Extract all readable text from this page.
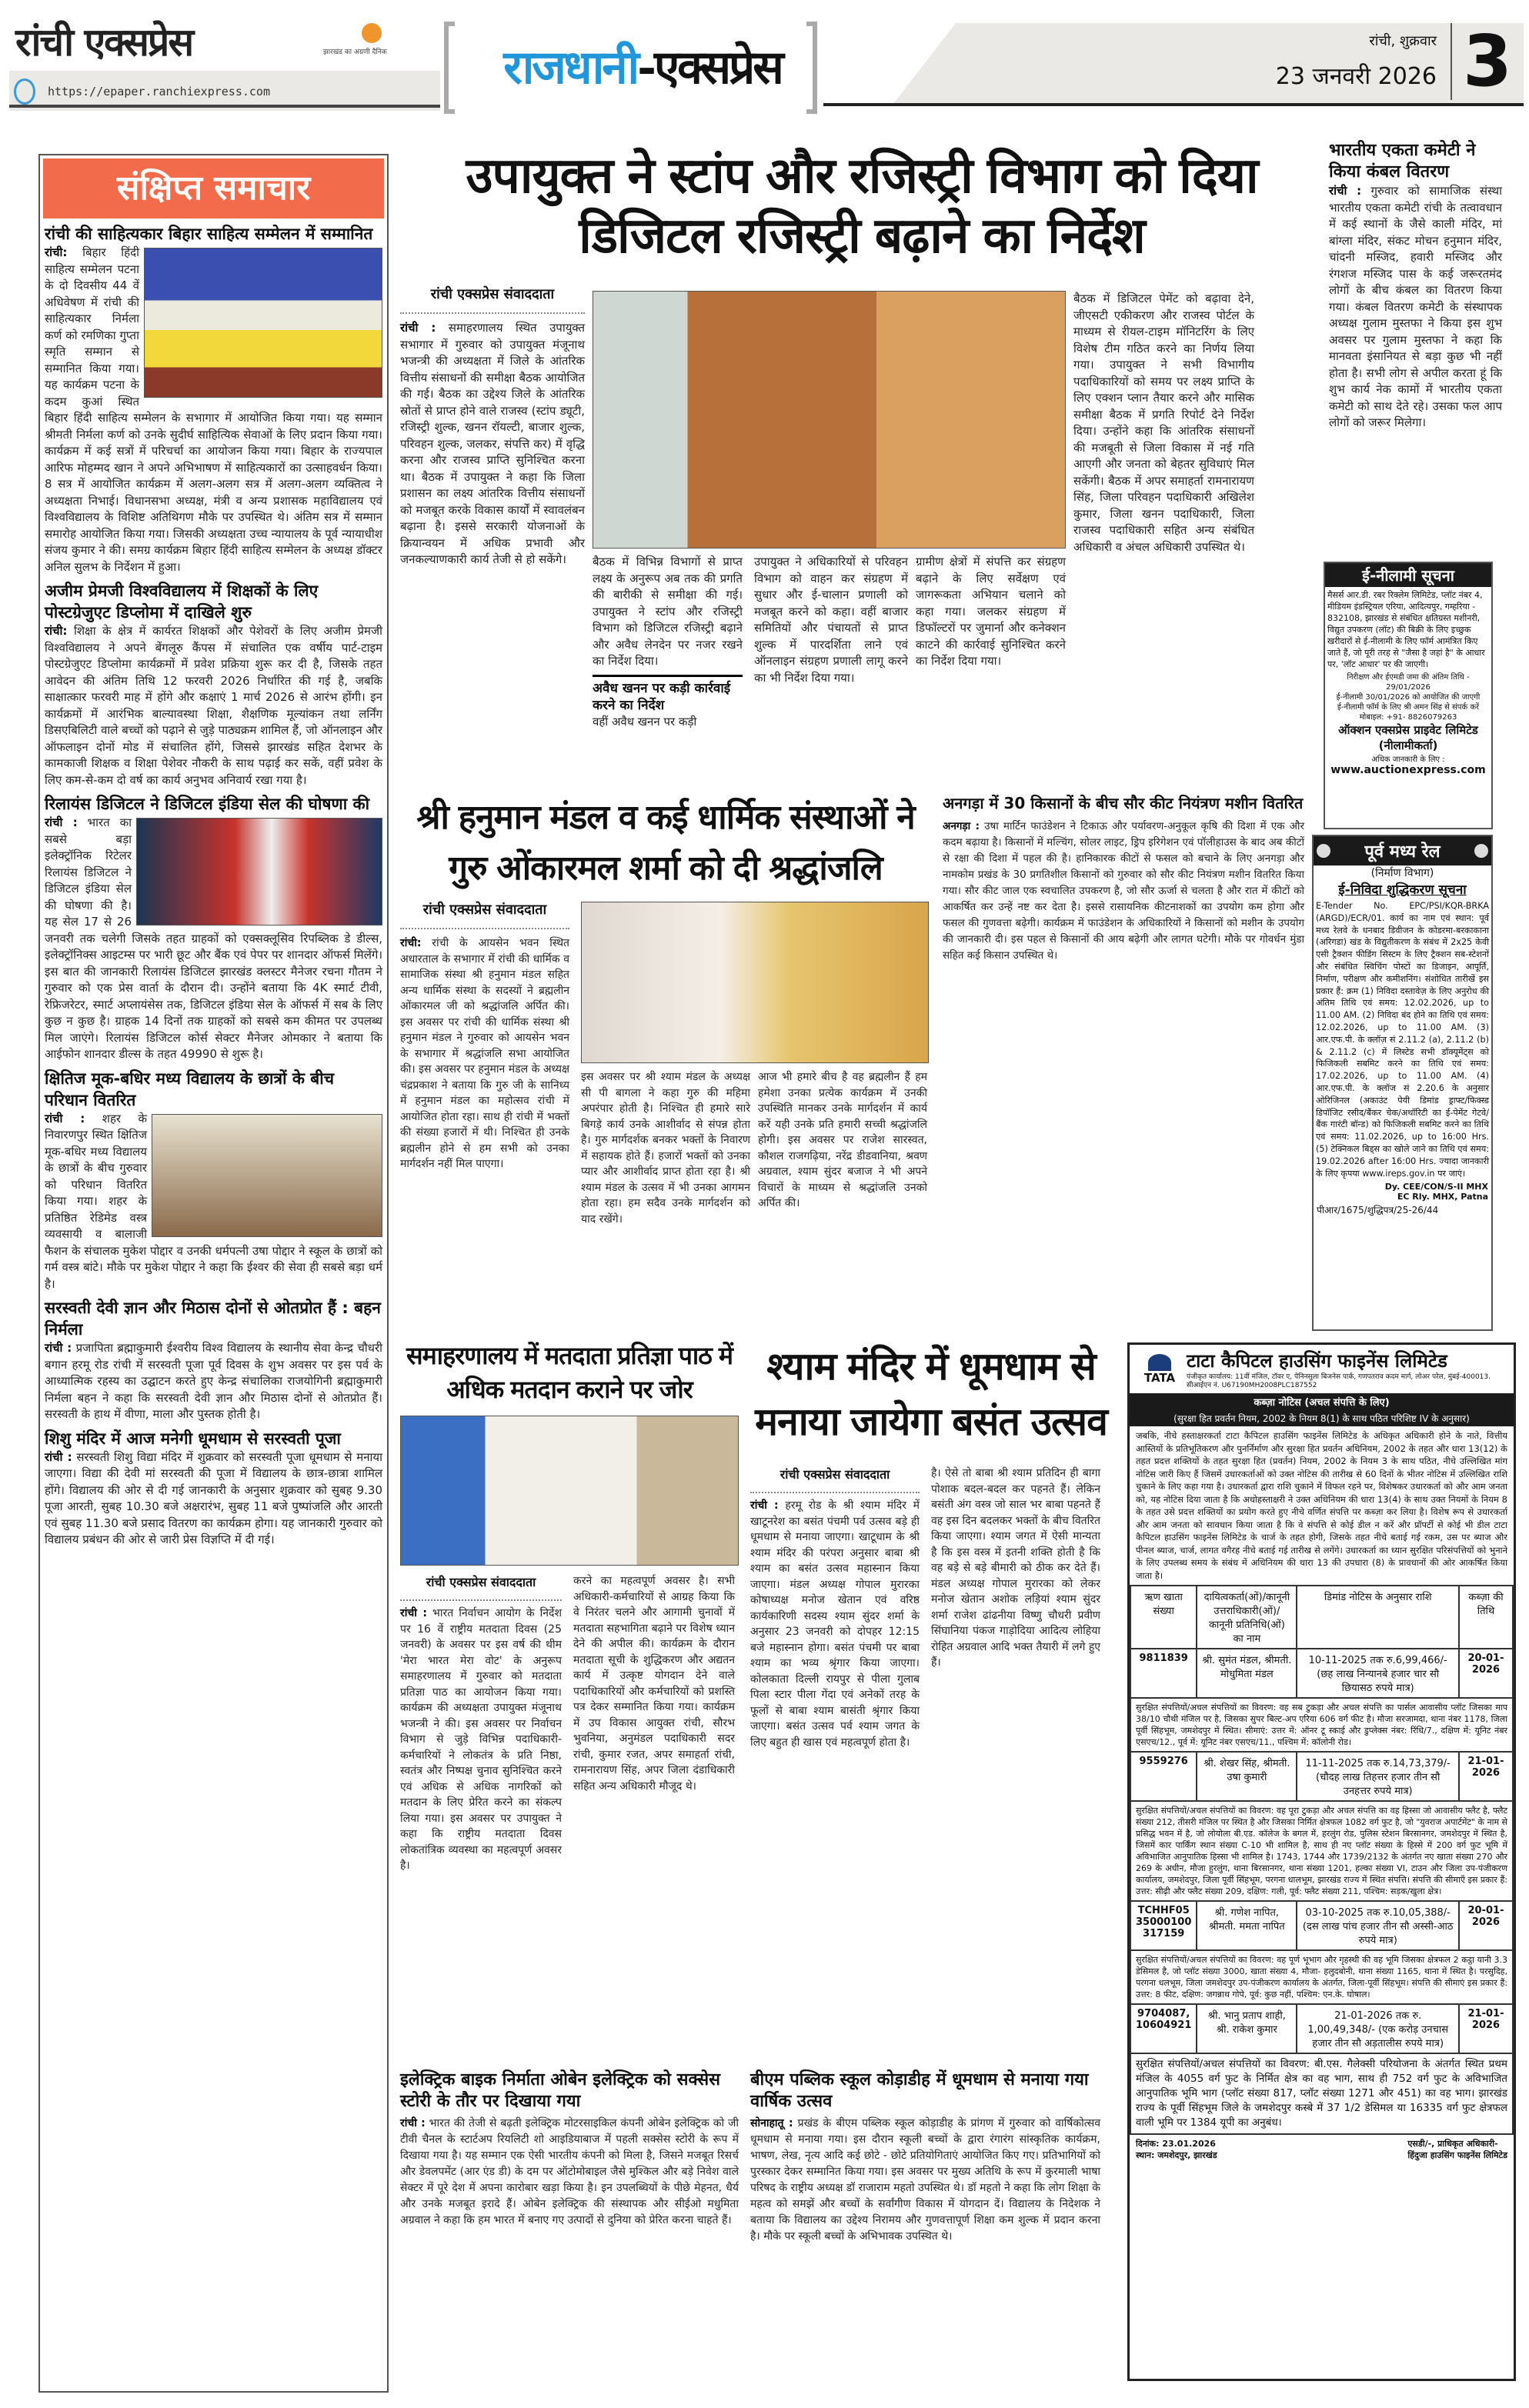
रांची एक्सप्रेस	झारखंड का अग्रणी दैनिक
https://epaper.ranchiexpress.com	राजधानी-एक्सप्रेस	रांची, शुक्रवार
23 जनवरी 2026 3
संक्षिप्त समाचार
रांची की साहित्यकार बिहार साहित्य सम्मेलन में सम्मानित

रांची: बिहार हिंदी साहित्य सम्मेलन पटना के दो दिवसीय 44 वें अधिवेषण में रांची की साहित्यकार निर्मला कर्ण को रमणिका गुप्ता स्मृति सम्मान से सम्मानित किया गया। यह कार्यक्रम पटना के कदम कुआं स्थित बिहार हिंदी साहित्य सम्मेलन के सभागार में आयोजित किया गया। यह सम्मान श्रीमती निर्मला कर्ण को उनके सुदीर्घ साहित्यिक सेवाओं के लिए प्रदान किया गया। कार्यक्रम में कई सत्रों में परिचर्चा का आयोजन किया गया। बिहार के राज्यपाल आरिफ मोहम्मद खान ने अपने अभिभाषण में साहित्यकारों का उत्साहवर्धन किया। 8 सत्र में आयोजित कार्यक्रम में अलग-अलग सत्र में अलग-अलग व्यक्तित्व ने अध्यक्षता निभाई। विधानसभा अध्यक्ष, मंत्री व अन्य प्रशासक महाविद्यालय एवं विश्वविद्यालय के विशिष्ट अतिथिगण मौके पर उपस्थित थे। अंतिम सत्र में सम्मान समारोह आयोजित किया गया। जिसकी अध्यक्षता उच्च न्यायालय के पूर्व न्यायाधीश संजय कुमार ने की। समग्र कार्यक्रम बिहार हिंदी साहित्य सम्मेलन के अध्यक्ष डॉक्टर अनिल सुलभ के निर्देशन में हुआ।

अजीम प्रेमजी विश्वविद्यालय में शिक्षकों के लिए पोस्टग्रेजुएट डिप्लोमा में दाखिले शुरु

रांची: शिक्षा के क्षेत्र में कार्यरत शिक्षकों और पेशेवरों के लिए अजीम प्रेमजी विश्वविद्यालय ने अपने बेंगलूरु कैंपस में संचालित एक वर्षीय पार्ट-टाइम पोस्टग्रेजुएट डिप्लोमा कार्यक्रमों में प्रवेश प्रक्रिया शुरू कर दी है, जिसके तहत आवेदन की अंतिम तिथि 12 फरवरी 2026 निर्धारित की गई है, जबकि साक्षात्कार फरवरी माह में होंगे और कक्षाएं 1 मार्च 2026 से आरंभ होंगी। इन कार्यक्रमों में आरंभिक बाल्यावस्था शिक्षा, शैक्षणिक मूल्यांकन तथा लर्निंग डिसएबिलिटी वाले बच्चों को पढ़ाने से जुड़े पाठ्यक्रम शामिल हैं, जो ऑनलाइन और ऑफलाइन दोनों मोड में संचालित होंगे, जिससे झारखंड सहित देशभर के कामकाजी शिक्षक व शिक्षा पेशेवर नौकरी के साथ पढ़ाई कर सकें, वहीं प्रवेश के लिए कम-से-कम दो वर्ष का कार्य अनुभव अनिवार्य रखा गया है।

रिलायंस डिजिटल ने डिजिटल इंडिया सेल की घोषणा की

रांची : भारत का सबसे बड़ा इलेक्ट्रॉनिक रिटेलर रिलायंस डिजिटल ने डिजिटल इंडिया सेल की घोषणा की है। यह सेल 17 से 26 जनवरी तक चलेगी जिसके तहत ग्राहकों को एक्सक्लूसिव रिपब्लिक डे डील्स, इलेक्ट्रॉनिक्स आइटम्स पर भारी छूट और बैंक एवं पेपर पर शानदार ऑफर्स मिलेंगे। इस बात की जानकारी रिलायंस डिजिटल झारखंड क्लस्टर मैनेजर रचना गौतम ने गुरुवार को एक प्रेस वार्ता के दौरान दी। उन्होंने बताया कि 4K स्मार्ट टीवी, रेफ्रिजरेटर, स्मार्ट अप्लायंसेस तक, डिजिटल इंडिया सेल के ऑफर्स में सब के लिए कुछ न कुछ है। ग्राहक 14 दिनों तक ग्राहकों को सबसे कम कीमत पर उपलब्ध मिल जाएंगे। रिलायंस डिजिटल कोर्स सेक्टर मैनेजर ओमकार ने बताया कि आईफोन शानदार डील्स के तहत 49990 से शुरू है।

क्षितिज मूक-बधिर मध्य विद्यालय के छात्रों के बीच परिधान वितरित

रांची : शहर के निवारणपुर स्थित क्षितिज मूक-बधिर मध्य विद्यालय के छात्रों के बीच गुरुवार को परिधान वितरित किया गया। शहर के प्रतिष्ठित रेडिमेड वस्त्र व्यवसायी व बालाजी फैशन के संचालक मुकेश पोद्दार व उनकी धर्मपत्नी उषा पोद्दार ने स्कूल के छात्रों को गर्म वस्त्र बांटे। मौके पर मुकेश पोद्दार ने कहा कि ईश्वर की सेवा ही सबसे बड़ा धर्म है।

सरस्वती देवी ज्ञान और मिठास दोनों से ओतप्रोत हैं : बहन निर्मला

रांची : प्रजापिता ब्रह्माकुमारी ईश्वरीय विश्व विद्यालय के स्थानीय सेवा केन्द्र चौधरी बगान हरमू रोड रांची में सरस्वती पूजा पूर्व दिवस के शुभ अवसर पर इस पर्व के आध्यात्मिक रहस्य का उद्घाटन करते हुए केन्द्र संचालिका राजयोगिनी ब्रह्माकुमारी निर्मला बहन ने कहा कि सरस्वती देवी ज्ञान और मिठास दोनों से ओतप्रोत हैं। सरस्वती के हाथ में वीणा, माला और पुस्तक होती है।

शिशु मंदिर में आज मनेगी धूमधाम से सरस्वती पूजा

रांची : सरस्वती शिशु विद्या मंदिर में शुक्रवार को सरस्वती पूजा धूमधाम से मनाया जाएगा। विद्या की देवी मां सरस्वती की पूजा में विद्यालय के छात्र-छात्रा शामिल होंगे। विद्यालय की ओर से दी गई जानकारी के अनुसार शुक्रवार को सुबह 9.30 पूजा आरती, सुबह 10.30 बजे अक्षरारंभ, सुबह 11 बजे पुष्पांजलि और आरती एवं सुबह 11.30 बजे प्रसाद वितरण का कार्यक्रम होगा। यह जानकारी गुरुवार को विद्यालय प्रबंधन की ओर से जारी प्रेस विज्ञप्ति में दी गई।

उपायुक्त ने स्टांप और रजिस्ट्री विभाग को दिया डिजिटल रजिस्ट्री बढ़ाने का निर्देश
रांची एक्सप्रेस संवाददाता

रांची : समाहरणालय स्थित उपायुक्त सभागार में गुरुवार को उपायुक्त मंजूनाथ भजन्त्री की अध्यक्षता में जिले के आंतरिक वित्तीय संसाधनों की समीक्षा बैठक आयोजित की गई। बैठक का उद्देश्य जिले के आंतरिक स्रोतों से प्राप्त होने वाले राजस्व (स्टांप ड्यूटी, रजिस्ट्री शुल्क, खनन रॉयल्टी, बाजार शुल्क, परिवहन शुल्क, जलकर, संपत्ति कर) में वृद्धि करना और राजस्व प्राप्ति सुनिश्चित करना था। बैठक में उपायुक्त ने कहा कि जिला प्रशासन का लक्ष्य आंतरिक वित्तीय संसाधनों को मजबूत करके विकास कार्यों में स्वावलंबन बढ़ाना है। इससे सरकारी योजनाओं के क्रियान्वयन में अधिक प्रभावी और जनकल्याणकारी कार्य तेजी से हो सकेंगे।

बैठक में डिजिटल पेमेंट को बढ़ावा देने, जीएसटी एकीकरण और राजस्व पोर्टल के माध्यम से रीयल-टाइम मॉनिटरिंग के लिए विशेष टीम गठित करने का निर्णय लिया गया। उपायुक्त ने सभी विभागीय पदाधिकारियों को समय पर लक्ष्य प्राप्ति के लिए एक्शन प्लान तैयार करने और मासिक समीक्षा बैठक में प्रगति रिपोर्ट देने निर्देश दिया। उन्होंने कहा कि आंतरिक संसाधनों की मजबूती से जिला विकास में नई गति आएगी और जनता को बेहतर सुविधाएं मिल सकेंगी। बैठक में अपर समाहर्ता रामनारायण सिंह, जिला परिवहन पदाधिकारी अखिलेश कुमार, जिला खनन पदाधिकारी, जिला राजस्व पदाधिकारी सहित अन्य संबंधित अधिकारी व अंचल अधिकारी उपस्थित थे।

बैठक में विभिन्न विभागों से प्राप्त लक्ष्य के अनुरूप अब तक की प्रगति की बारीकी से समीक्षा की गई। उपायुक्त ने स्टांप और रजिस्ट्री विभाग को डिजिटल रजिस्ट्री बढ़ाने और अवैध लेनदेन पर नजर रखने का निर्देश दिया।

अवैध खनन पर कड़ी कार्रवाई करने का निर्देश

वहीं अवैध खनन पर कड़ी

उपायुक्त ने अधिकारियों से परिवहन विभाग को वाहन कर संग्रहण में सुधार और ई-चालान प्रणाली को मजबूत करने को कहा। वहीं बाजार समितियों और पंचायतों से प्राप्त शुल्क में पारदर्शिता लाने एवं ऑनलाइन संग्रहण प्रणाली लागू करने का भी निर्देश दिया गया।

ग्रामीण क्षेत्रों में संपत्ति कर संग्रहण बढ़ाने के लिए सर्वेक्षण एवं जागरूकता अभियान चलाने को कहा गया। जलकर संग्रहण में डिफॉल्टरों पर जुमार्ना और कनेक्शन काटने की कार्रवाई सुनिश्चित करने का निर्देश दिया गया।

भारतीय एकता कमेटी ने किया कंबल वितरण

रांची : गुरुवार को सामाजिक संस्था भारतीय एकता कमेटी रांची के तत्वावधान में कई स्थानों के जैसे काली मंदिर, मां बांग्ला मंदिर, संकट मोचन हनुमान मंदिर, चांदनी मस्जिद, हवारी मस्जिद और रंगशज मस्जिद पास के कई जरूरतमंद लोगों के बीच कंबल का वितरण किया गया। कंबल वितरण कमेटी के संस्थापक अध्यक्ष गुलाम मुस्तफा ने किया इस शुभ अवसर पर गुलाम मुस्तफा ने कहा कि मानवता इंसानियत से बड़ा कुछ भी नहीं होता है। सभी लोग से अपील करता हूं कि शुभ कार्य नेक कामों में भारतीय एकता कमेटी को साथ देते रहे। उसका फल आप लोगों को जरूर मिलेगा।

ई-नीलामी सूचना

मैसर्स आर.डी. रबर रिक्लेम लिमिटेड, प्लॉट नंबर 4, मीडियम इंडस्ट्रियल एरिया, आदित्यपुर, गम्हरिया - 832108, झारखंड से संबंधित क्षतिग्रस्त मशीनरी, विद्युत उपकरण (लॉट) की बिक्री के लिए इच्छुक खरीदारों से ई-नीलामी के लिए फॉर्म आमंत्रित किए जाते हैं, जो पूरी तरह से "जैसा है जहां है" के आधार पर, 'लॉट आधार' पर की जाएगी।

निरीक्षण और ईएमडी जमा की अंतिम तिथि - 29/01/2026
ई-नीलामी 30/01/2026 को आयोजित की जाएगी
ई-नीलामी फॉर्म के लिए श्री अमन सिंह से संपर्क करें
मोबाइल: +91- 8826079263
ऑक्शन एक्सप्रेस प्राइवेट लिमिटेड
(नीलामीकर्ता)
अधिक जानकारी के लिए :
www.auctionexpress.com
पूर्व मध्य रेल
(निर्माण विभाग)
ई-निविदा शुद्धिकरण सूचना

E-Tender No. EPC/PSI/KQR-BRKA (ARGD)/ECR/01. कार्य का नाम एवं स्थान: पूर्व मध्य रेलवे के धनबाद डिवीजन के कोडरमा-बरकाकाना (अरिगडा) खंड के विद्युतीकरण के संबंध में 2x25 केवी एसी ट्रैक्शन फीडिंग सिस्टम के लिए ट्रैक्शन सब-स्टेशनों और संबंधित स्विचिंग पोस्टों का डिजाइन, आपूर्ति, निर्माण, परीक्षण और कमीशनिंग। संशोधित तारीखें इस प्रकार हैं: क्रम (1) निविदा दस्तावेज़ के लिए अनुरोध की अंतिम तिथि एवं समय: 12.02.2026, up to 11.00 AM. (2) निविदा बंद होने का तिथि एवं समय: 12.02.2026, up to 11.00 AM. (3) आर.एफ.पी. के क्लॉज़ सं 2.11.2 (a), 2.11.2 (b) & 2.11.2 (c) में लिस्टेड सभी डॉक्यूमेंट्स को फिजिकली सबमिट करने का तिथि एवं समय: 17.02.2026, up to 11.00 AM. (4) आर.एफ.पी. के क्लॉज सं 2.20.6 के अनुसार ओरिजिनल (अकाउंट पेयी डिमांड ड्राफ्ट/फिक्स्ड डिपॉजिट रसीद/बैंकर चेक/अथॉरिटी का ई-पेमेंट गेटवे/बैंक गारंटी बॉन्ड) को फिजिकली सबमिट करने का तिथि एवं समय: 11.02.2026, up to 16:00 Hrs. (5) टेक्निकल बिड्स का खोले जाने का तिथि एवं समय: 19.02.2026 after 16:00 Hrs. ज्यादा जानकारी के लिए कृपया www.ireps.gov.in पर जाएं।

Dy. CEE/CON/S-II MHX
EC Rly. MHX, Patna
पीआर/1675/शुद्धिपत्र/25-26/44
श्री हनुमान मंडल व कई धार्मिक संस्थाओं ने गुरु ओंकारमल शर्मा को दी श्रद्धांजलि
रांची एक्सप्रेस संवाददाता

रांची: रांची के आयसेन भवन स्थित अधारताल के सभागार में रांची की धार्मिक व सामाजिक संस्था श्री हनुमान मंडल सहित अन्य धार्मिक संस्था के सदस्यों ने ब्रह्मलीन ओंकारमल जी को श्रद्धांजलि अर्पित की। इस अवसर पर रांची की धार्मिक संस्था श्री हनुमान मंडल ने गुरुवार को आयसेन भवन के सभागार में श्रद्धांजलि सभा आयोजित की। इस अवसर पर हनुमान मंडल के अध्यक्ष चंद्रप्रकाश ने बताया कि गुरु जी के सानिध्य में हनुमान मंडल का महोत्सव रांची में आयोजित होता रहा। साथ ही रांची में भक्तों की संख्या हजारों में थी। निश्चित ही उनके ब्रह्मलीन होने से हम सभी को उनका मार्गदर्शन नहीं मिल पाएगा।

इस अवसर पर श्री श्याम मंडल के अध्यक्ष सी पी बागला ने कहा गुरु की महिमा अपरंपार होती है। निश्चित ही हमारे सारे बिगड़े कार्य उनके आशीर्वाद से संपन्न होता है। गुरु मार्गदर्शक बनकर भक्तों के निवारण में सहायक होते हैं। हजारों भक्तों को उनका प्यार और आशीर्वाद प्राप्त होता रहा है। श्री श्याम मंडल के उत्सव में भी उनका आगमन होता रहा। हम सदैव उनके मार्गदर्शन को याद रखेंगे।

आज भी हमारे बीच है वह ब्रह्मलीन हैं हम हमेशा उनका प्रत्येक कार्यक्रम में उनकी उपस्थिति मानकर उनके मार्गदर्शन में कार्य करें यही उनके प्रति हमारी सच्ची श्रद्धांजलि होगी। इस अवसर पर राजेश सारस्वत, कौशल राजगढ़िया, नरेंद्र डीडवानिया, श्रवण अग्रवाल, श्याम सुंदर बजाज ने भी अपने विचारों के माध्यम से श्रद्धांजलि उनको अर्पित की।

अनगड़ा में 30 किसानों के बीच सौर कीट नियंत्रण मशीन वितरित

अनगड़ा : उषा मार्टिन फाउंडेशन ने टिकाऊ और पर्यावरण-अनुकूल कृषि की दिशा में एक और कदम बढ़ाया है। किसानों में मल्चिंग, सोलर लाइट, ड्रिप इरिगेशन एवं पॉलीहाउस के बाद अब कीटों से रक्षा की दिशा में पहल की है। हानिकारक कीटों से फसल को बचाने के लिए अनगड़ा और नामकोम प्रखंड के 30 प्रगतिशील किसानों को गुरुवार को सौर कीट नियंत्रण मशीन वितरित किया गया। सौर कीट जाल एक स्वचालित उपकरण है, जो सौर ऊर्जा से चलता है और रात में कीटों को आकर्षित कर उन्हें नष्ट कर देता है। इससे रासायनिक कीटनाशकों का उपयोग कम होगा और फसल की गुणवत्ता बढ़ेगी। कार्यक्रम में फाउंडेशन के अधिकारियों ने किसानों को मशीन के उपयोग की जानकारी दी। इस पहल से किसानों की आय बढ़ेगी और लागत घटेगी। मौके पर गोवर्धन मुंडा सहित कई किसान उपस्थित थे।

समाहरणालय में मतदाता प्रतिज्ञा पाठ में अधिक मतदान कराने पर जोर
रांची एक्सप्रेस संवाददाता

रांची : भारत निर्वाचन आयोग के निर्देश पर 16 वें राष्ट्रीय मतदाता दिवस (25 जनवरी) के अवसर पर इस वर्ष की थीम 'मेरा भारत मेरा वोट' के अनुरूप समाहरणालय में गुरुवार को मतदाता प्रतिज्ञा पाठ का आयोजन किया गया। कार्यक्रम की अध्यक्षता उपायुक्त मंजूनाथ भजन्त्री ने की। इस अवसर पर निर्वाचन विभाग से जुड़े विभिन्न पदाधिकारी-कर्मचारियों ने लोकतंत्र के प्रति निष्ठा, स्वतंत्र और निष्पक्ष चुनाव सुनिश्चित करने एवं अधिक से अधिक नागरिकों को मतदान के लिए प्रेरित करने का संकल्प लिया गया। इस अवसर पर उपायुक्त ने कहा कि राष्ट्रीय मतदाता दिवस लोकतांत्रिक व्यवस्था का महत्वपूर्ण अवसर है।

करने का महत्वपूर्ण अवसर है। सभी अधिकारी-कर्मचारियों से आग्रह किया कि वे निरंतर चलने और आगामी चुनावों में मतदाता सहभागिता बढ़ाने पर विशेष ध्यान देने की अपील की। कार्यक्रम के दौरान मतदाता सूची के शुद्धिकरण और अद्यतन कार्य में उत्कृष्ट योगदान देने वाले पदाधिकारियों और कर्मचारियों को प्रशस्ति पत्र देकर सम्मानित किया गया। कार्यक्रम में उप विकास आयुक्त रांची, सौरभ भुवनिया, अनुमंडल पदाधिकारी सदर रांची, कुमार रजत, अपर समाहर्ता रांची, रामनारायण सिंह, अपर जिला दंडाधिकारी सहित अन्य अधिकारी मौजूद थे।

श्याम मंदिर में धूमधाम से मनाया जायेगा बसंत उत्सव
रांची एक्सप्रेस संवाददाता

रांची : हरमू रोड के श्री श्याम मंदिर में खाटूनरेश का बसंत पंचमी पर्व उत्सव बड़े ही धूमधाम से मनाया जाएगा। खाटूधाम के श्री श्याम मंदिर की परंपरा अनुसार बाबा श्री श्याम का बसंत उत्सव महास्नान किया जाएगा। मंडल अध्यक्ष गोपाल मुरारका कोषाध्यक्ष मनोज खेतान एवं वरिष्ठ कार्यकारिणी सदस्य श्याम सुंदर शर्मा के अनुसार 23 जनवरी को दोपहर 12:15 बजे महास्नान होगा। बसंत पंचमी पर बाबा श्याम का भव्य श्रृंगार किया जाएगा। कोलकाता दिल्ली रायपुर से पीला गुलाब पिला स्टार पीला गेंदा एवं अनेकों तरह के फूलों से बाबा श्याम बासंती श्रृंगार किया जाएगा। बसंत उत्सव पर्व श्याम जगत के लिए बहुत ही खास एवं महत्वपूर्ण होता है।

है। ऐसे तो बाबा श्री श्याम प्रतिदिन ही बागा पोशाक बदल-बदल कर पहनते हैं। लेकिन बसंती अंग वस्त्र जो साल भर बाबा पहनते हैं वह इस दिन बदलकर भक्तों के बीच वितरित किया जाएगा। श्याम जगत में ऐसी मान्यता है कि इस वस्त्र में इतनी शक्ति होती है कि वह बड़े से बड़े बीमारी को ठीक कर देते हैं। मंडल अध्यक्ष गोपाल मुरारका को लेकर मनोज खेतान अशोक लड़ियां श्याम सुंदर शर्मा राजेश ढांढनीया विष्णु चौधरी प्रवीण सिंघानिया पंकज गाड़ोदिया आदित्य लोहिया रोहित अग्रवाल आदि भक्त तैयारी में लगे हुए हैं।

इलेक्ट्रिक बाइक निर्माता ओबेन इलेक्ट्रिक को सक्सेस स्टोरी के तौर पर दिखाया गया

रांची : भारत की तेजी से बढ़ती इलेक्ट्रिक मोटरसाइकिल कंपनी ओबेन इलेक्ट्रिक को जी टीवी चैनल के स्टार्टअप रियलिटी शो आइडियाबाज में पहली सक्सेस स्टोरी के रूप में दिखाया गया है। यह सम्मान एक ऐसी भारतीय कंपनी को मिला है, जिसने मजबूत रिसर्च और डेवलपमेंट (आर एंड डी) के दम पर ऑटोमोबाइल जैसे मुश्किल और बड़े निवेश वाले सेक्टर में पूरे देश में अपना कारोबार खड़ा किया है। इन उपलब्धियों के पीछे मेहनत, धैर्य और उनके मजबूत इरादे हैं। ओबेन इलेक्ट्रिक की संस्थापक और सीईओ मधुमिता अग्रवाल ने कहा कि हम भारत में बनाए गए उत्पादों से दुनिया को प्रेरित करना चाहते हैं।

बीएम पब्लिक स्कूल कोड़ाडीह में धूमधाम से मनाया गया वार्षिक उत्सव

सोनाहातू : प्रखंड के बीएम पब्लिक स्कूल कोड़ाडीह के प्रांगण में गुरुवार को वार्षिकोत्सव धूमधाम से मनाया गया। इस दौरान स्कूली बच्चों के द्वारा रंगारंग सांस्कृतिक कार्यक्रम, भाषण, लेख, नृत्य आदि कई छोटे - छोटे प्रतियोगिताएं आयोजित किए गए। प्रतिभागियों को पुरस्कार देकर सम्मानित किया गया। इस अवसर पर मुख्य अतिथि के रूप में कुरमाली भाषा परिषद के राष्ट्रीय अध्यक्ष डॉ राजाराम महतो उपस्थित थे। डॉ महतो ने कहा कि लोग शिक्षा के महत्व को समझें और बच्चों के सर्वांगीण विकास में योगदान दें। विद्यालय के निदेशक ने बताया कि विद्यालय का उद्देश्य निरामय और गुणवत्तापूर्ण शिक्षा कम शुल्क में प्रदान करना है। मौके पर स्कूली बच्चों के अभिभावक उपस्थित थे।

TATA
टाटा कैपिटल हाउसिंग फाइनेंस लिमिटेड
पंजीकृत कार्यालय: 11वीं मंजिल, टॉवर ए, पेनिनसुला बिजनेस पार्क, गणपतराव कदम मार्ग, लोअर परेल, मुंबई-400013. सीआईएन नं. U67190MH2008PLC187552
कब्ज़ा नोटिस (अचल संपत्ति के लिए)
(सुरक्षा हित प्रवर्तन नियम, 2002 के नियम 8(1) के साथ पठित परिशिष्ट IV के अनुसार)

जबकि, नीचे हस्ताक्षरकर्ता टाटा कैपिटल हाउसिंग फाइनेंस लिमिटेड के अधिकृत अधिकारी होने के नाते, वित्तीय आस्तियों के प्रतिभूतिकरण और पुनर्निर्माण और सुरक्षा हित प्रवर्तन अधिनियम, 2002 के तहत और धारा 13(12) के तहत प्रदत्त शक्तियों के तहत सुरक्षा हित (प्रवर्तन) नियम, 2002 के नियम 3 के साथ पठित, नीचे उल्लिखित मांग नोटिस जारी किए हैं जिसमें उधारकर्ताओं को उक्त नोटिस की तारीख से 60 दिनों के भीतर नोटिस में उल्लिखित राशि चुकाने के लिए कहा गया है। उधारकर्ता द्वारा राशि चुकाने में विफल रहने पर, विशेषकर उधारकर्ता को और आम जनता को, यह नोटिस दिया जाता है कि अधोहस्ताक्षरी ने उक्त अधिनियम की धारा 13(4) के साथ उक्त नियमों के नियम 8 के तहत उसे प्रदत्त शक्तियों का प्रयोग करते हुए नीचे वर्णित संपत्ति पर कब्ज़ा कर लिया है। विशेष रूप से उधारकर्ता और आम जनता को सावधान किया जाता है कि वे संपत्ति से कोई डील न करें और प्रॉपर्टी से कोई भी डील टाटा कैपिटल हाउसिंग फाइनेंस लिमिटेड के चार्ज के तहत होगी, जिसके तहत नीचे बताई गई रकम, उस पर ब्याज और पीनल ब्याज, चार्ज, लागत वगैरह नीचे बताई गई तारीख से लगेंगे। उधारकर्ता का ध्यान सुरक्षित परिसंपत्तियों को भुनाने के लिए उपलब्ध समय के संबंध में अधिनियम की धारा 13 की उपधारा (8) के प्रावधानों की ओर आकर्षित किया जाता है।

ऋण खाता संख्या	दायित्वकर्ता(ओं)/कानूनी उत्तराधिकारी(ओं)/कानूनी प्रतिनिधि(ओं) का नाम	डिमांड नोटिस के अनुसार राशि	कब्ज़ा की तिथि
9811839	श्री. सुमंत मंडल, श्रीमती. मोधुमिता मंडल	10-11-2025 तक रु.6,99,466/- (छह लाख निन्यानबे हजार चार सौ छियासठ रुपये मात्र)	20-01-2026
सुरक्षित संपत्तियों/अचल संपत्तियों का विवरण: वह सब टुकड़ा और अचल संपत्ति का पार्सल आवासीय प्लॉट जिसका माप 38/10 चौथी मंजिल पर है, जिसका सुपर बिल्ट-अप एरिया 606 वर्ग फीट है। मौजा सरजामदा, थाना नंबर 1178, जिला पूर्वी सिंहभूम, जमशेदपुर में स्थित। सीमाएं: उत्तर में: ऑनर टू स्काई और डुप्लेक्स नंबर: रिंधि/7., दक्षिण में: यूनिट नंबर एसएच/12., पूर्व में: यूनिट नंबर एसएच/11., पश्चिम में: कॉलोनी रोड।			
9559276	श्री. शेखर सिंह, श्रीमती. उषा कुमारी	11-11-2025 तक रु.14,73,379/-(चौदह लाख तिहत्तर हजार तीन सौ उनहत्तर रुपये मात्र)	21-01-2026
सुरक्षित संपत्तियों/अचल संपत्तियों का विवरण: वह पूरा टुकड़ा और अचल संपत्ति का वह हिस्सा जो आवासीय फ्लैट है, फ्लैट संख्या 212, तीसरी मंजिल पर स्थित है और जिसका निर्मित क्षेत्रफल 1082 वर्ग फुट है, जो "युवराज अपार्टमेंट" के नाम से प्रसिद्ध भवन में है, जो लोयोला बी.एड. कॉलेज के बगल में, हरलुंग रोड, पुलिस स्टेशन बिरसानगर, जमशेदपुर में स्थित है, जिसमें कार पार्किंग स्थान संख्या C-10 भी शामिल है, साथ ही नए प्लॉट संख्या के हिस्से में 200 वर्ग फुट भूमि में अविभाजित आनुपातिक हिस्सा भी शामिल है। 1743, 1744 और 1739/2132 के अंतर्गत नए खाता संख्या 270 और 269 के अधीन, मौजा हुरलुंग, थाना बिरसानगर, थाना संख्या 1201, हल्का संख्या VI, टाउन और जिला उप-पंजीकरण कार्यालय, जमशेदपुर, जिला पूर्वी सिंहभूम, परगना धालभूम, झारखंड राज्य में स्थित संपत्ति। संपत्ति की सीमाएँ इस प्रकार हैं: उत्तर: सीढ़ी और फ्लैट संख्या 209, दक्षिण: गली, पूर्व: फ्लैट संख्या 211, पश्चिम: सड़क/खुला क्षेत्र।			
TCHHF05 35000100 317159	श्री. गणेश नापित, श्रीमती. ममता नापित	03-10-2025 तक रु.10,05,388/- (दस लाख पांच हजार तीन सौ अस्सी-आठ रुपये मात्र)	20-01-2026
सुरक्षित संपत्तियों/अचल संपत्तियों का विवरण: वह पूर्ण भूभाग और गृहस्थी की वह भूमि जिसका क्षेत्रफल 2 कट्ठा यानी 3.3 डेसिमल है, जो प्लॉट संख्या 3000, खाता संख्या 4, मौजा- हलुदबोनी, थाना संख्या 1165, थाना में स्थित है। परसुदिह, परगना धलभूम, जिला जमशेदपुर उप-पंजीकरण कार्यालय के अंतर्गत, जिला-पूर्वी सिंहभूम। संपत्ति की सीमाएं इस प्रकार हैं: उत्तर: 8 फीट, दक्षिण: जगन्नाथ गोपे, पूर्व: कुछ नहीं, पश्चिम: एन.के. घोषाल।			
9704087, 10604921	श्री. भानु प्रताप शाही, श्री. राकेश कुमार	21-01-2026 तक रु. 1,00,49,348/- (एक करोड़ उनचास हजार तीन सौ अड़तालीस रुपये मात्र)	21-01-2026
सुरक्षित संपत्तियों/अचल संपत्तियों का विवरण: बी.एस. गैलेक्सी परियोजना के अंतर्गत स्थित प्रथम मंजिल के 4055 वर्ग फुट के निर्मित क्षेत्र का वह भाग, साथ ही 752 वर्ग फुट के अविभाजित आनुपातिक भूमि भाग (प्लॉट संख्या 817, प्लॉट संख्या 1271 और 451) का वह भाग। झारखंड राज्य के पूर्वी सिंहभूम जिले के जमशेदपुर कस्बे में 37 1/2 डेसिमल या 16335 वर्ग फुट क्षेत्रफल वाली भूमि पर 1384 यूपी का अनुबंध।			
दिनांक: 23.01.2026
स्थान: जमशेदपुर, झारखंड
एसडी/-, प्राधिकृत अधिकारी-
हिंदुजा हाउसिंग फाइनेंस लिमिटेड
